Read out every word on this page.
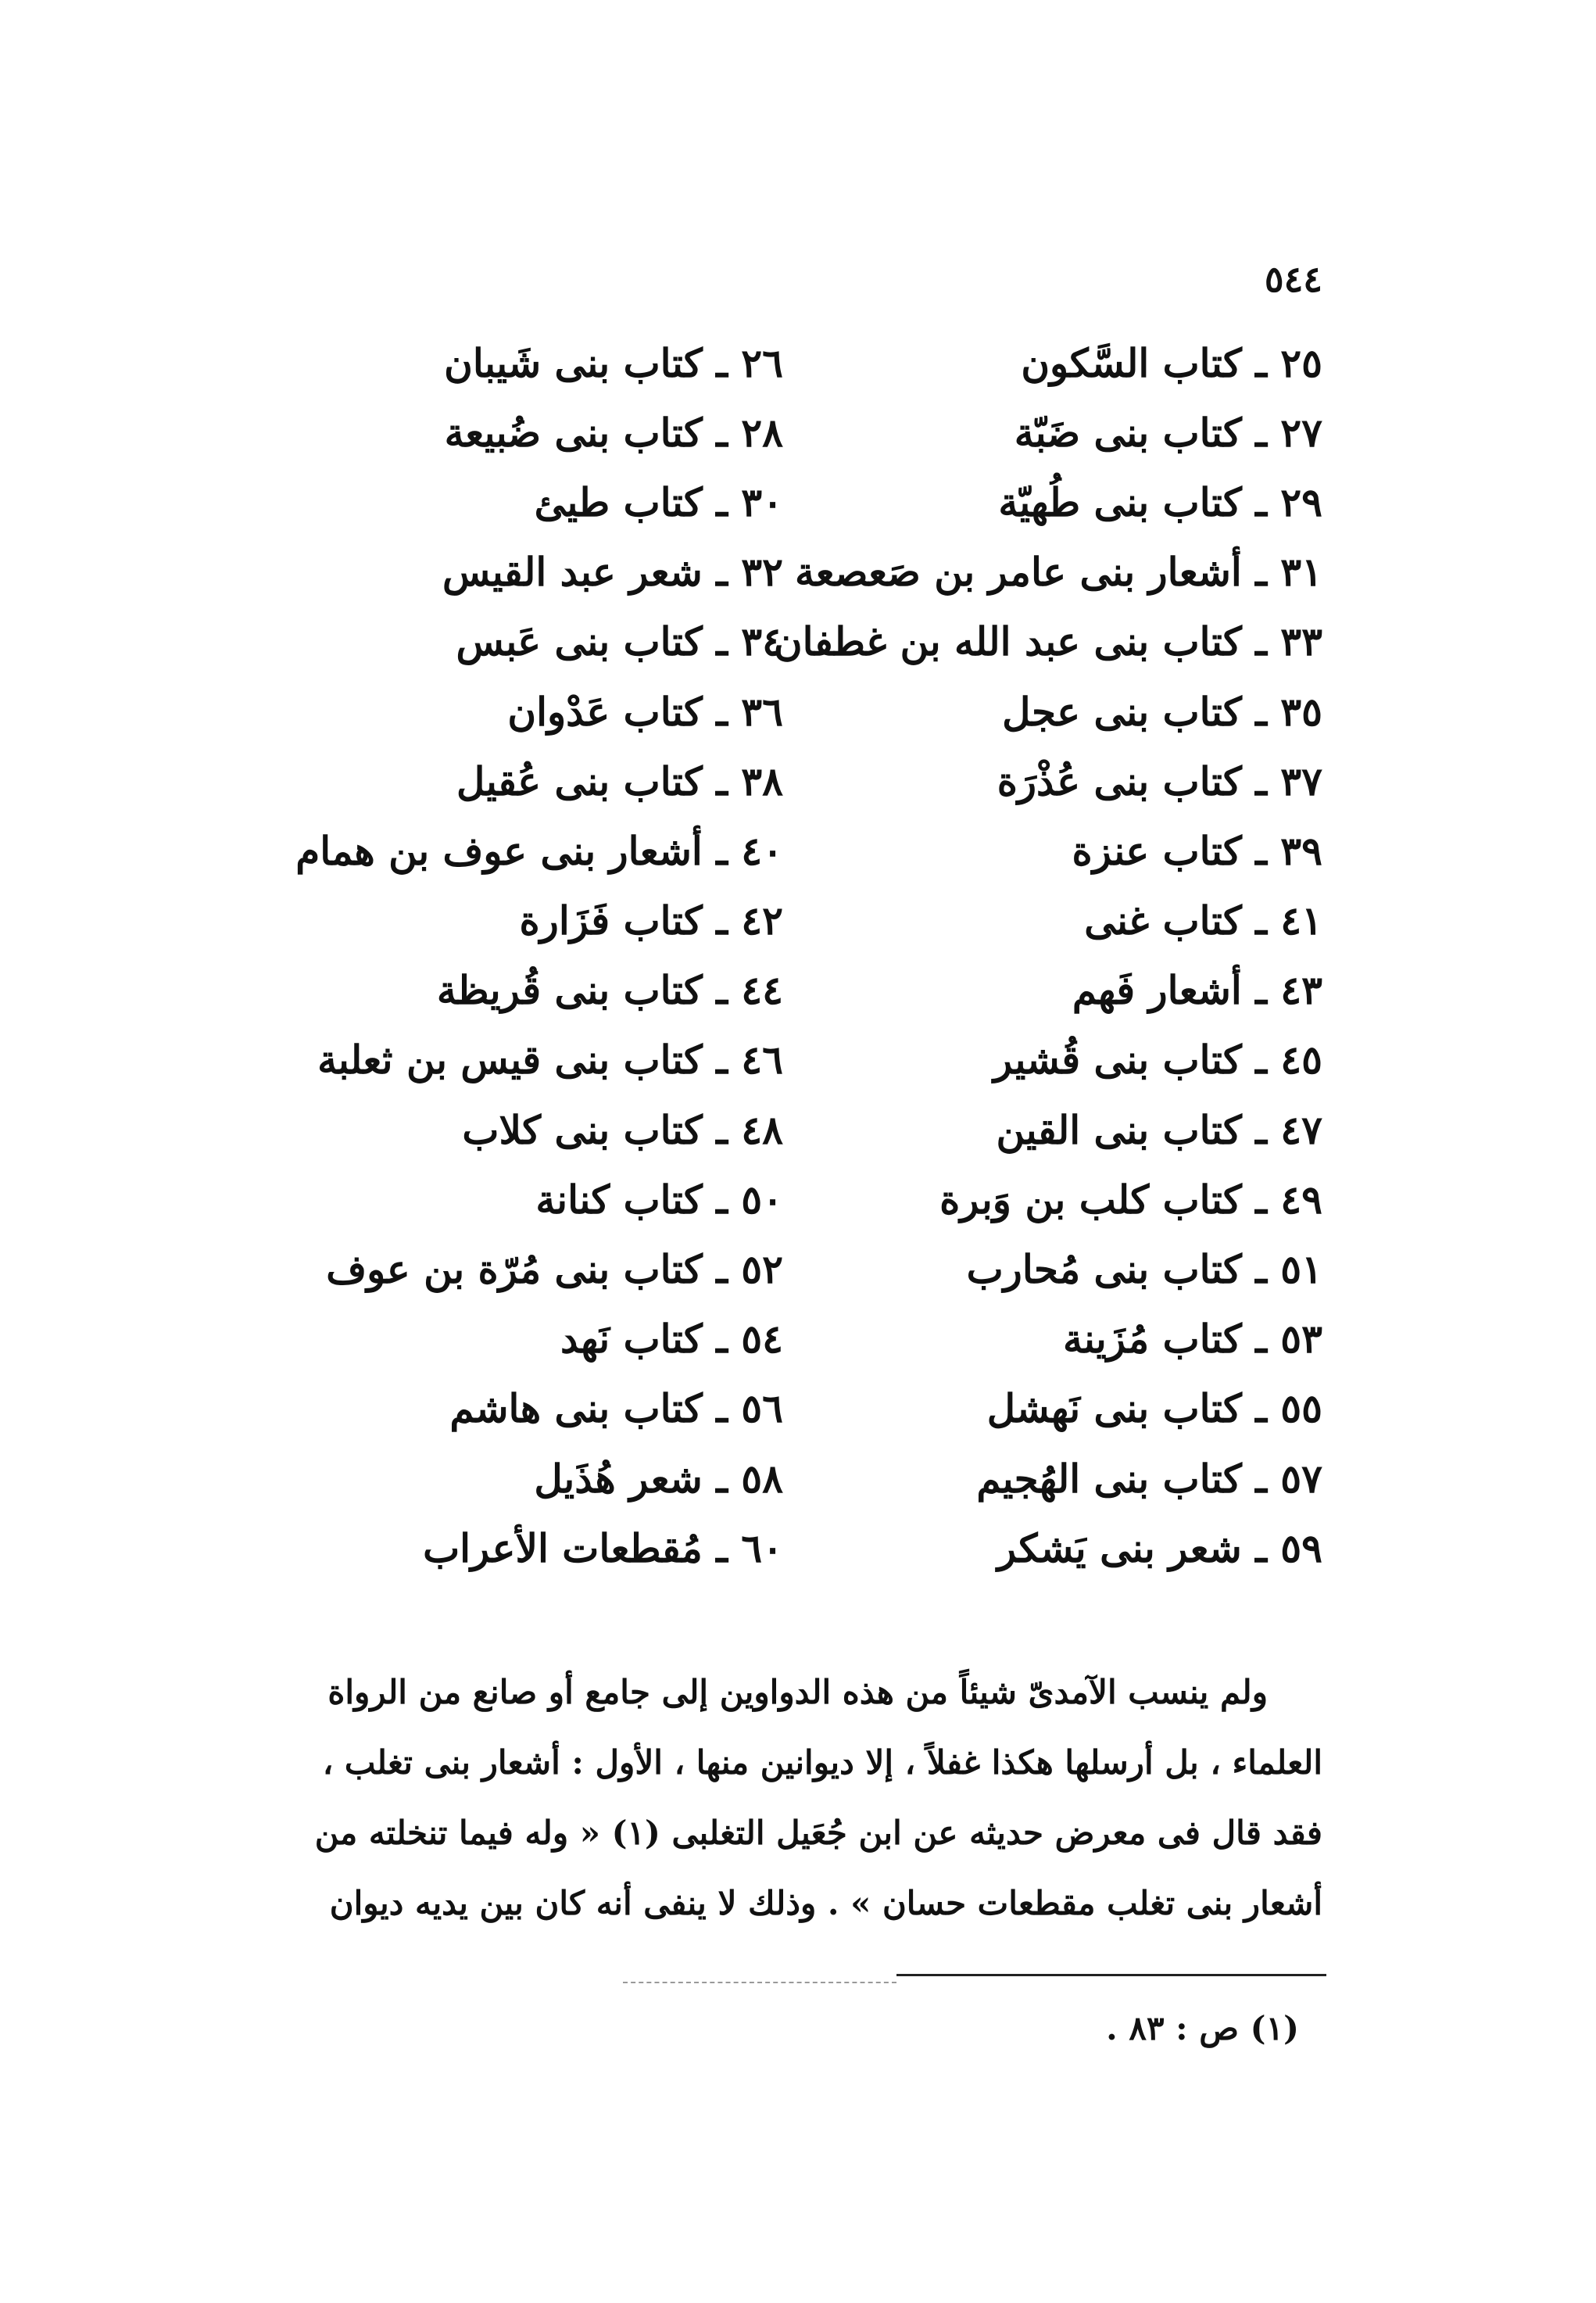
٥٤٤
٢٥ ـ كتاب السَّكون
٢٦ ـ كتاب بنى شَيبان
٢٧ ـ كتاب بنى ضَبّة
٢٨ ـ كتاب بنى ضُبيعة
٢٩ ـ كتاب بنى طُهيّة
٣٠ ـ كتاب طيئ
٣١ ـ أشعار بنى عامر بن صَعصعة
٣٢ ـ شعر عبد القيس
٣٣ ـ كتاب بنى عبد الله بن غطفان
٣٤ ـ كتاب بنى عَبس
٣٥ ـ كتاب بنى عجل
٣٦ ـ كتاب عَدْوان
٣٧ ـ كتاب بنى عُذْرَة
٣٨ ـ كتاب بنى عُقيل
٣٩ ـ كتاب عنزة
٤٠ ـ أشعار بنى عوف بن همام
٤١ ـ كتاب غنى
٤٢ ـ كتاب فَزَارة
٤٣ ـ أشعار فَهم
٤٤ ـ كتاب بنى قُريظة
٤٥ ـ كتاب بنى قُشير
٤٦ ـ كتاب بنى قيس بن ثعلبة
٤٧ ـ كتاب بنى القين
٤٨ ـ كتاب بنى كلاب
٤٩ ـ كتاب كلب بن وَبرة
٥٠ ـ كتاب كنانة
٥١ ـ كتاب بنى مُحارب
٥٢ ـ كتاب بنى مُرّة بن عوف
٥٣ ـ كتاب مُزَينة
٥٤ ـ كتاب نَهد
٥٥ ـ كتاب بنى نَهشل
٥٦ ـ كتاب بنى هاشم
٥٧ ـ كتاب بنى الهُجيم
٥٨ ـ شعر هُذَيل
٥٩ ـ شعر بنى يَشكر
٦٠ ـ مُقطعات الأعراب
ولم ينسب الآمدىّ شيئاً من هذه الدواوين إلى جامع أو صانع من الرواة
العلماء ، بل أرسلها هكذا غفلاً ، إلا ديوانين منها ، الأول : أشعار بنى تغلب ،
فقد قال فى معرض حديثه عن ابن جُعَيل التغلبى (١) « وله فيما تنخلته من
أشعار بنى تغلب مقطعات حسان » . وذلك لا ينفى أنه كان بين يديه ديوان
(١) ص : ٨٣ .
